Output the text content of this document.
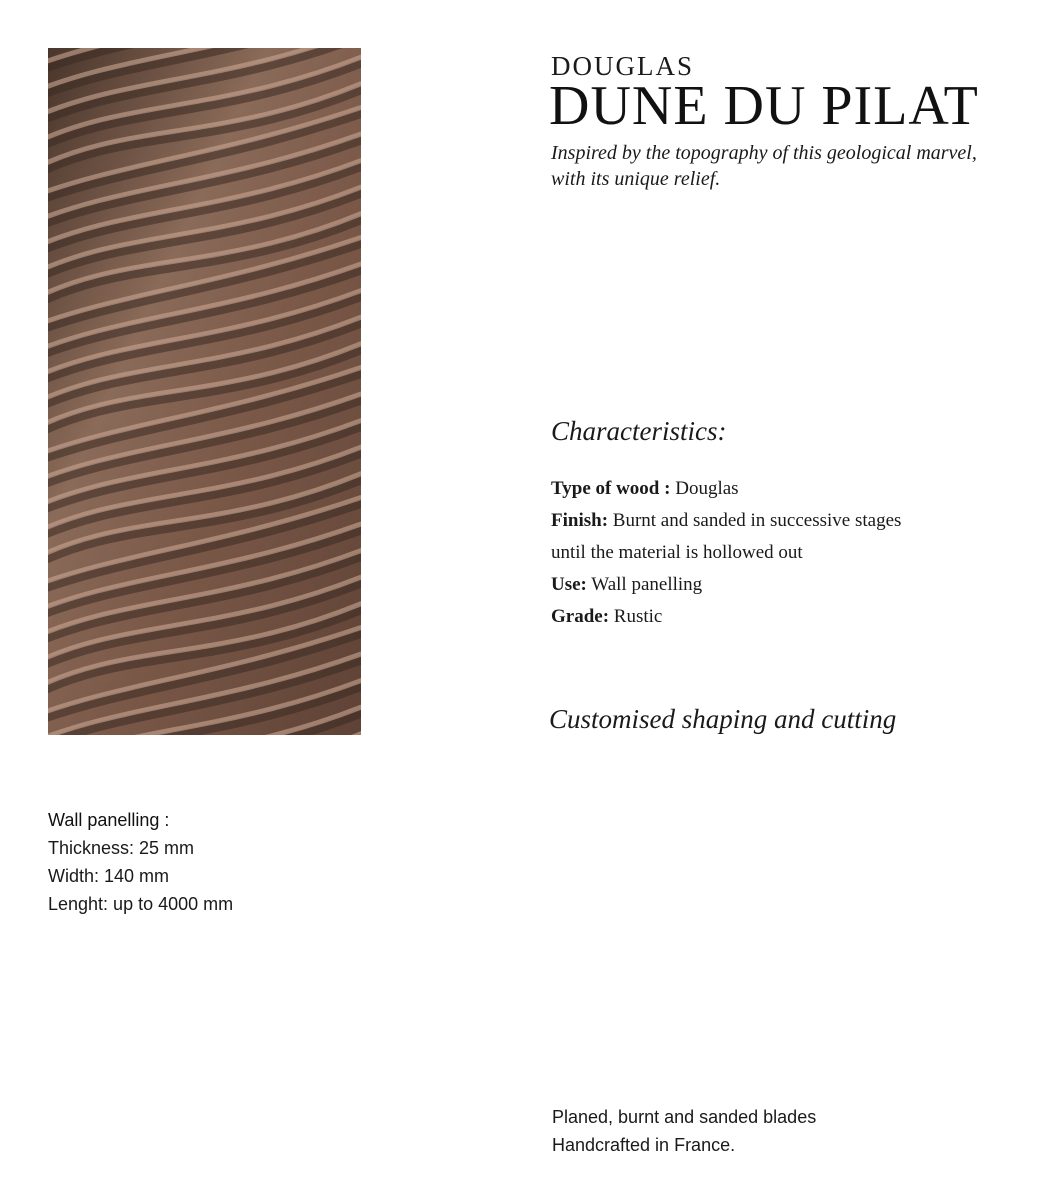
DOUGLAS
DUNE DU PILAT
Inspired by the topography of this geological marvel, with its unique relief.
Characteristics:
Type of wood : Douglas
Finish: Burnt and sanded in successive stages
until the material is hollowed out
Use: Wall panelling
Grade: Rustic
Customised shaping and cutting
Wall panelling :
Thickness: 25 mm
Width: 140 mm
Lenght: up to 4000 mm
Planed, burnt and sanded blades
Handcrafted in France.
